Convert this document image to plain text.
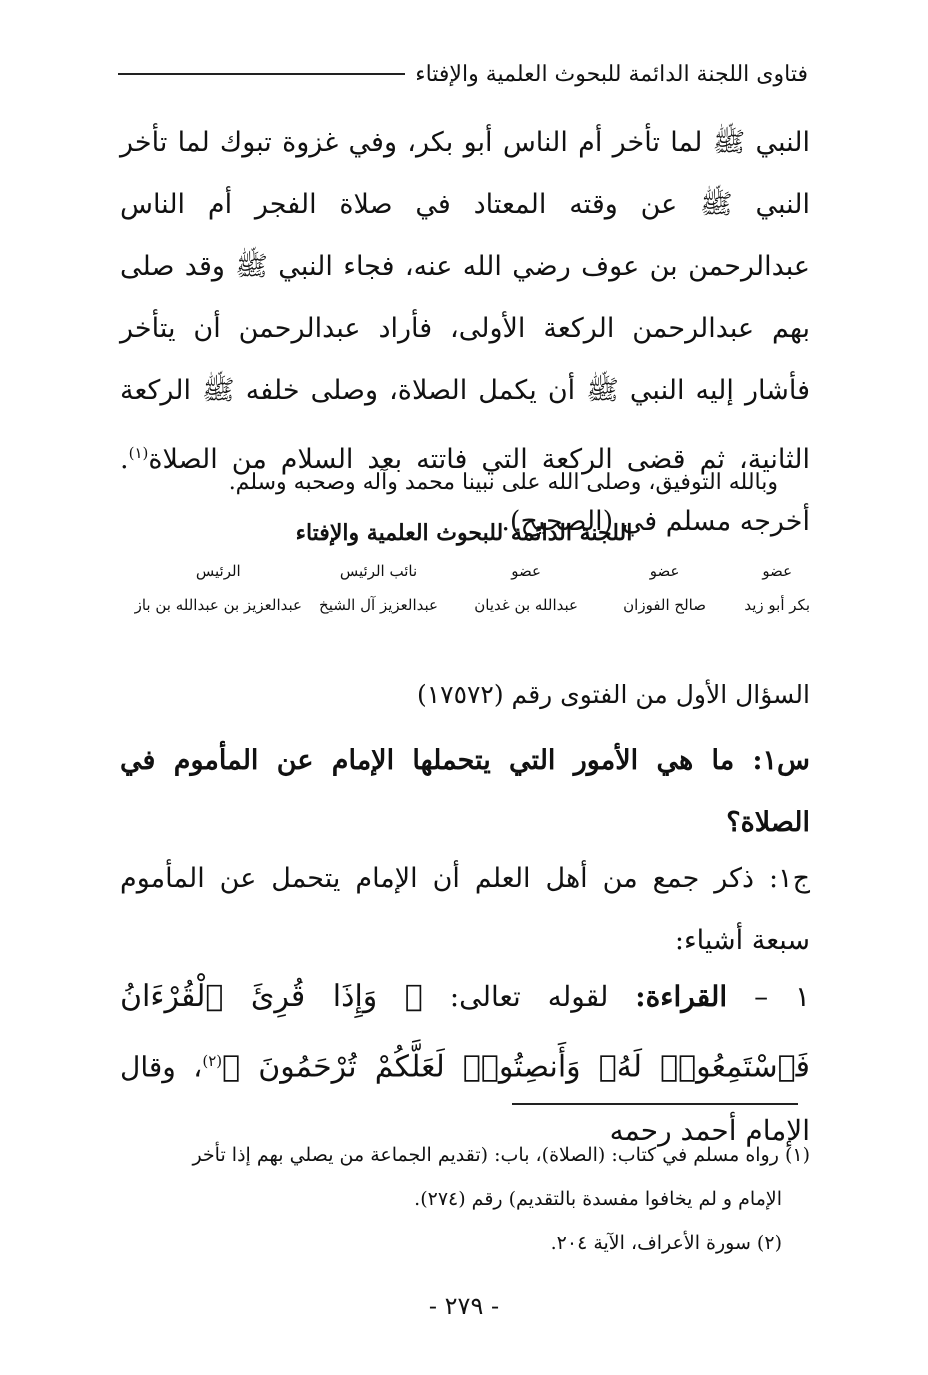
فتاوى اللجنة الدائمة للبحوث العلمية والإفتاء
النبي ﷺ لما تأخر أم الناس أبو بكر، وفي غزوة تبوك لما تأخر النبي ﷺ عن وقته المعتاد في صلاة الفجر أم الناس عبدالرحمن بن عوف رضي الله عنه، فجاء النبي ﷺ وقد صلى بهم عبدالرحمن الركعة الأولى، فأراد عبدالرحمن أن يتأخر فأشار إليه النبي ﷺ أن يكمل الصلاة، وصلى خلفه ﷺ الركعة الثانية، ثم قضى الركعة التي فاتته بعد السلام من الصلاة$^{(١)}$. أخرجه مسلم في (الصحيح).
وبالله التوفيق، وصلى الله على نبينا محمد وآله وصحبه وسلم.
اللجنة الدائمة للبحوث العلمية والإفتاء
عضو
بكر أبو زيد
عضو
صالح الفوزان
عضو
عبدالله بن غديان
نائب الرئيس
عبدالعزيز آل الشيخ
الرئيس
عبدالعزيز بن عبدالله بن باز
السؤال الأول من الفتوى رقم (١٧٥٧٢)
س١: ما هي الأمور التي يتحملها الإمام عن المأموم في الصلاة؟
ج١: ذكر جمع من أهل العلم أن الإمام يتحمل عن المأموم سبعة أشياء:
١ – القراءة: لقوله تعالى: ﴿ وَإِذَا قُرِئَ ٱلْقُرْءَانُ فَٱسْتَمِعُوا۟ لَهُۥ وَأَنصِتُوا۟ لَعَلَّكُمْ تُرْحَمُونَ ﴾$^{(٢)}$، وقال الإمام أحمد رحمه
(١) رواه مسلم في كتاب: (الصلاة)، باب: (تقديم الجماعة من يصلي بهم إذا تأخر
الإمام و لم يخافوا مفسدة بالتقديم) رقم (٢٧٤).
(٢) سورة الأعراف، الآية ٢٠٤.
- ٢٧٩ -
